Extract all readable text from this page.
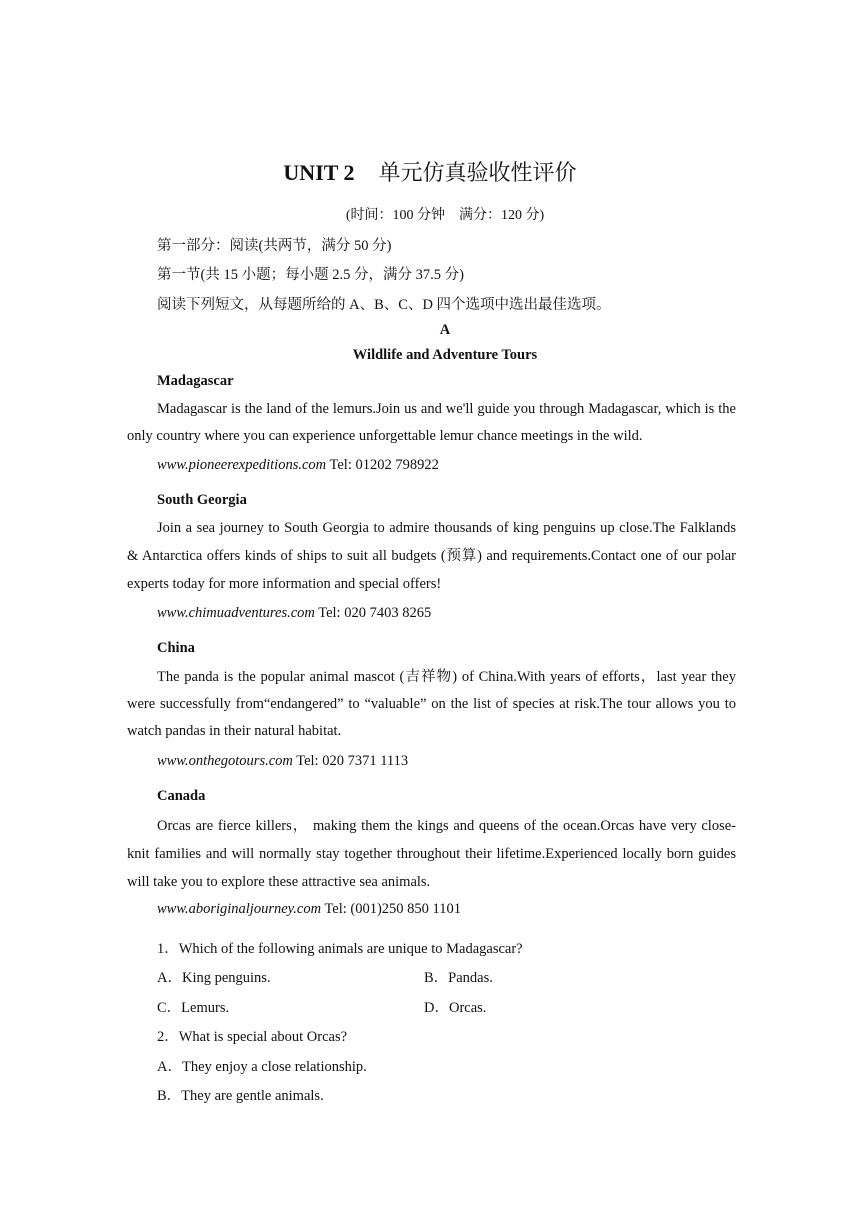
UNIT 2 单元仿真验收性评价
(时间：100 分钟　满分：120 分)
第一部分：阅读(共两节，满分 50 分)
第一节(共 15 小题；每小题 2.5 分，满分 37.5 分)
阅读下列短文，从每题所给的 A、B、C、D 四个选项中选出最佳选项。
A
Wildlife and Adventure Tours
Madagascar
Madagascar is the land of the lemurs.Join us and we'll guide you through Madagascar, which is the only country where you can experience unforgettable lemur chance meetings in the wild.
www.pioneerexpeditions.com Tel: 01202 798922
South Georgia
Join a sea journey to South Georgia to admire thousands of king penguins up close.The Falklands & Antarctica offers kinds of ships to suit all budgets (预算) and requirements.Contact one of our polar experts today for more information and special offers!
www.chimuadventures.com Tel: 020 7403 8265
China
The panda is the popular animal mascot (吉祥物) of China.With years of efforts，last year they were successfully from“endangered” to “valuable” on the list of species at risk.The tour allows you to watch pandas in their natural habitat.
www.onthegotours.com Tel: 020 7371 1113
Canada
Orcas are fierce killers， making them the kings and queens of the ocean.Orcas have very close-knit families and will normally stay together throughout their lifetime.Experienced locally born guides will take you to explore these attractive sea animals.
www.aboriginaljourney.com Tel: (001)250 850 1101
1．Which of the following animals are unique to Madagascar?
A．King penguins.	B．Pandas.
C．Lemurs.	D．Orcas.
2．What is special about Orcas?
A．They enjoy a close relationship.
B．They are gentle animals.
